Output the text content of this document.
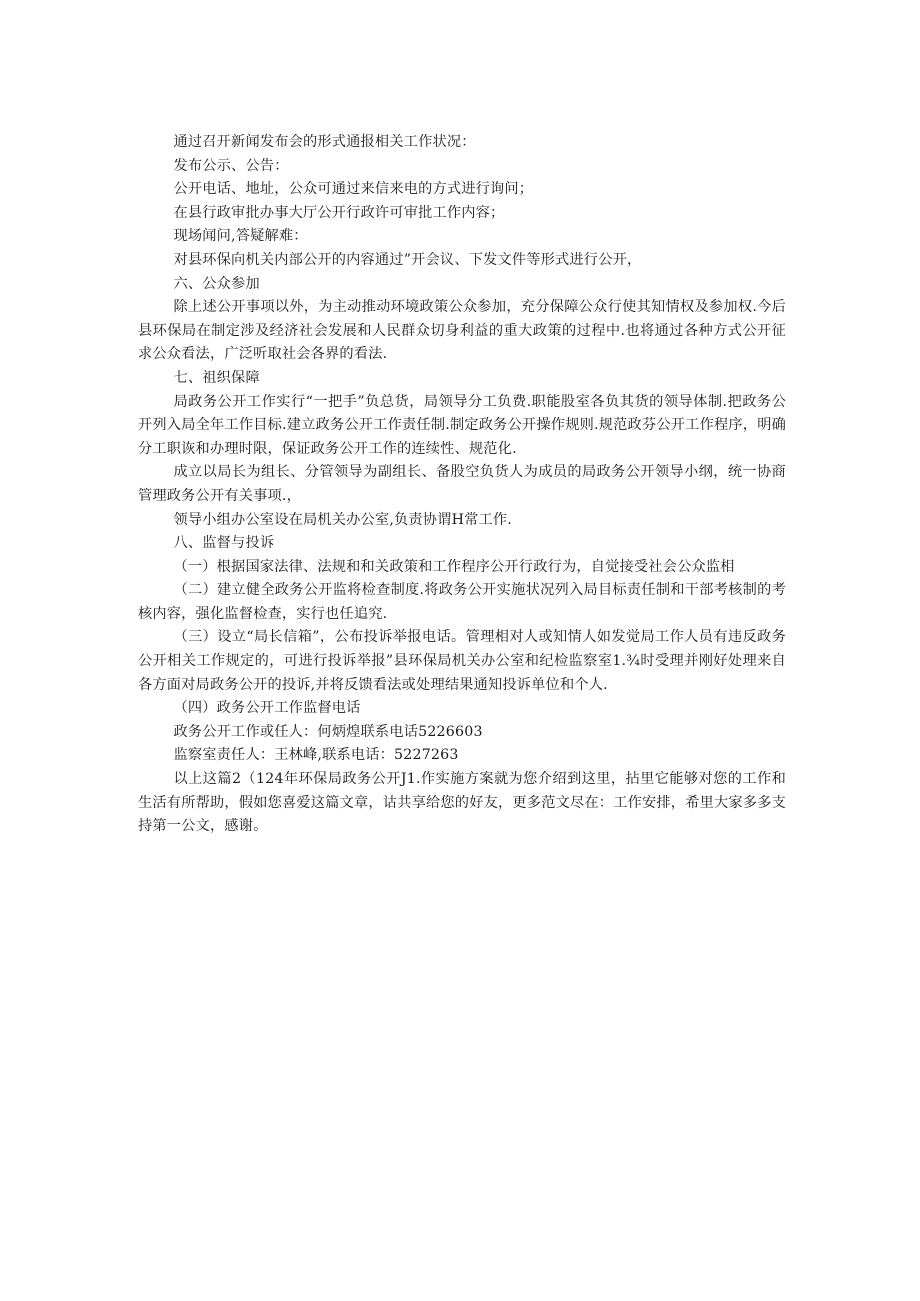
通过召开新闻发布会的形式通报相关工作状况：

发布公示、公告：

公开电话、地址，公众可通过来信来电的方式进行询问；

在县行政审批办事大厅公开行政许可审批工作内容；

现场闻问,答疑解难：

对县环保向机关内部公开的内容通过”开会议、下发文件等形式进行公开，

六、公众参加

除上述公开事项以外，为主动推动环境政策公众参加，充分保障公众行使其知情权及参加权.今后县环保局在制定涉及经济社会发展和人民群众切身利益的重大政策的过程中.也将通过各种方式公开征求公众看法，广泛听取社会各界的看法.

七、祖织保障

局政务公开工作实行“一把手”负总货，局领导分工负费.职能股室各负其货的领导体制.把政务公开列入局全年工作目标.建立政务公开工作责任制.制定政务公开操作规则.规范政芬公开工作程序，明确分工职诙和办理时限，保证政务公开工作的连续性、规范化.

成立以局长为组长、分管领导为副组长、备股空负货人为成员的局政务公开领导小纲，统一协商管理政务公开有关事项.，

领导小组办公室设在局机关办公室,负责协谓H常工作.

八、监督与投诉

（一）根据国家法律、法规和和关政策和工作程序公开行政行为，自觉接受社会公众监相

（二）建立健全政务公开监将检查制度.将政务公开实施状况列入局目标责任制和干部考核制的考核内容，强化监督检查，实行也任追究.

（三）设立“局长信箱”，公布投诉举报电话。管理相对人或知情人如发觉局工作人员有违反政务公开相关工作规定的，可进行投诉举报”县环保局机关办公室和纪检监察室1.¾时受理并刚好处理来自各方面对局政务公开的投诉,并将反馈看法或处理结果通知投诉单位和个人.

（四）政务公开工作监督电话

政务公开工作或任人：何炳煌联系电话5226603

监察室责任人：王林峰,联系电话：5227263

以上这篇2（124年环保局政务公开J1.作实施方案就为您介绍到这里，拈里它能够对您的工作和生活有所帮助，假如您喜爱这篇文章，诂共享给您的好友，更多范文尽在：工作安排，希里大家多多支持第一公文，感谢。
